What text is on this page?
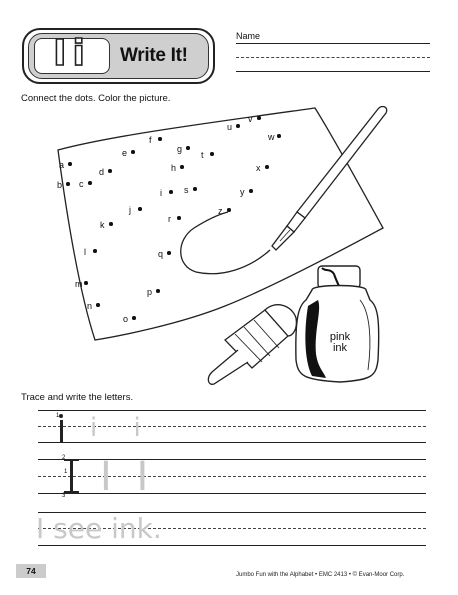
Ii	Write It!
Name
Connect the dots. Color the picture.
pink
ink
a
b c
d
e
f
g
h
i
j
k
l
m
n
o
p
q
r
s
t
u
v
w
x
y
z
Trace and write the letters.
1 i i
2
1
3 I I
I see ink.
74	Jumbo Fun with the Alphabet • EMC 2413 • © Evan-Moor Corp.
